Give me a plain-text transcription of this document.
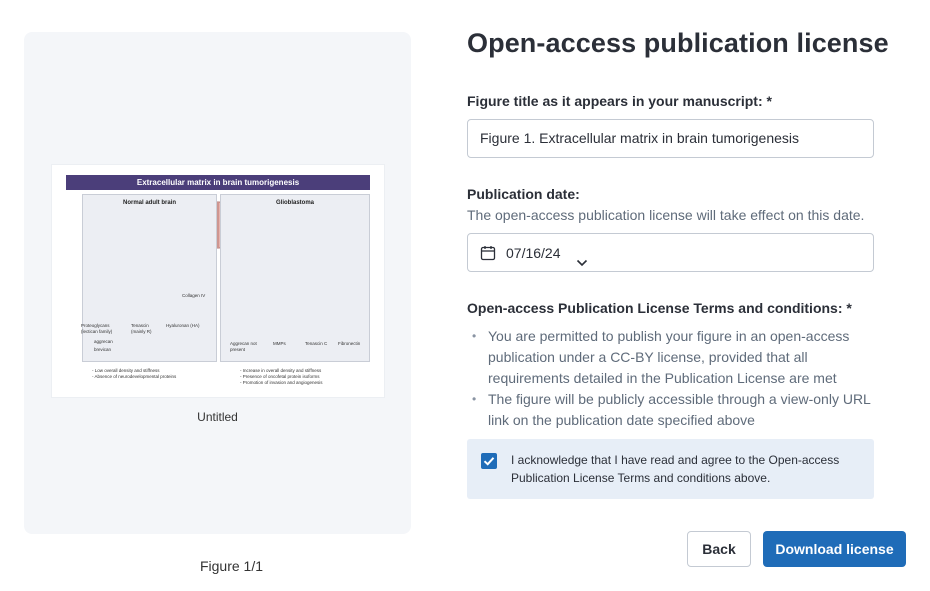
Extracellular matrix in brain tumorigenesis
Normal adult brain	Glioblastoma
Collagen IV
Proteoglycans
(lectican family)
Tenascin
(mainly R)
Hyaluronan (HA)
aggrecan
brevican
Aggrecan not
present
MMPs	Tenascin C Fibronectin
- Low overall density and stiffness
- Absence of neurodevelopmental proteins
- Increase in overall density and stiffness
- Presence of oncofetal protein isoforms
- Promotion of invasion and angiogenesis
Untitled
Figure 1/1
Open-access publication license
Figure title as it appears in your manuscript: *
Figure 1. Extracellular matrix in brain tumorigenesis
Publication date:
The open-access publication license will take effect on this date.
07/16/24
Open-access Publication License Terms and conditions: *
• You are permitted to publish your figure in an open-access publication under a CC-BY license, provided that all requirements detailed in the Publication License are met
• The figure will be publicly accessible through a view-only URL link on the publication date specified above
I acknowledge that I have read and agree to the Open-access Publication License Terms and conditions above.
Back	Download license
